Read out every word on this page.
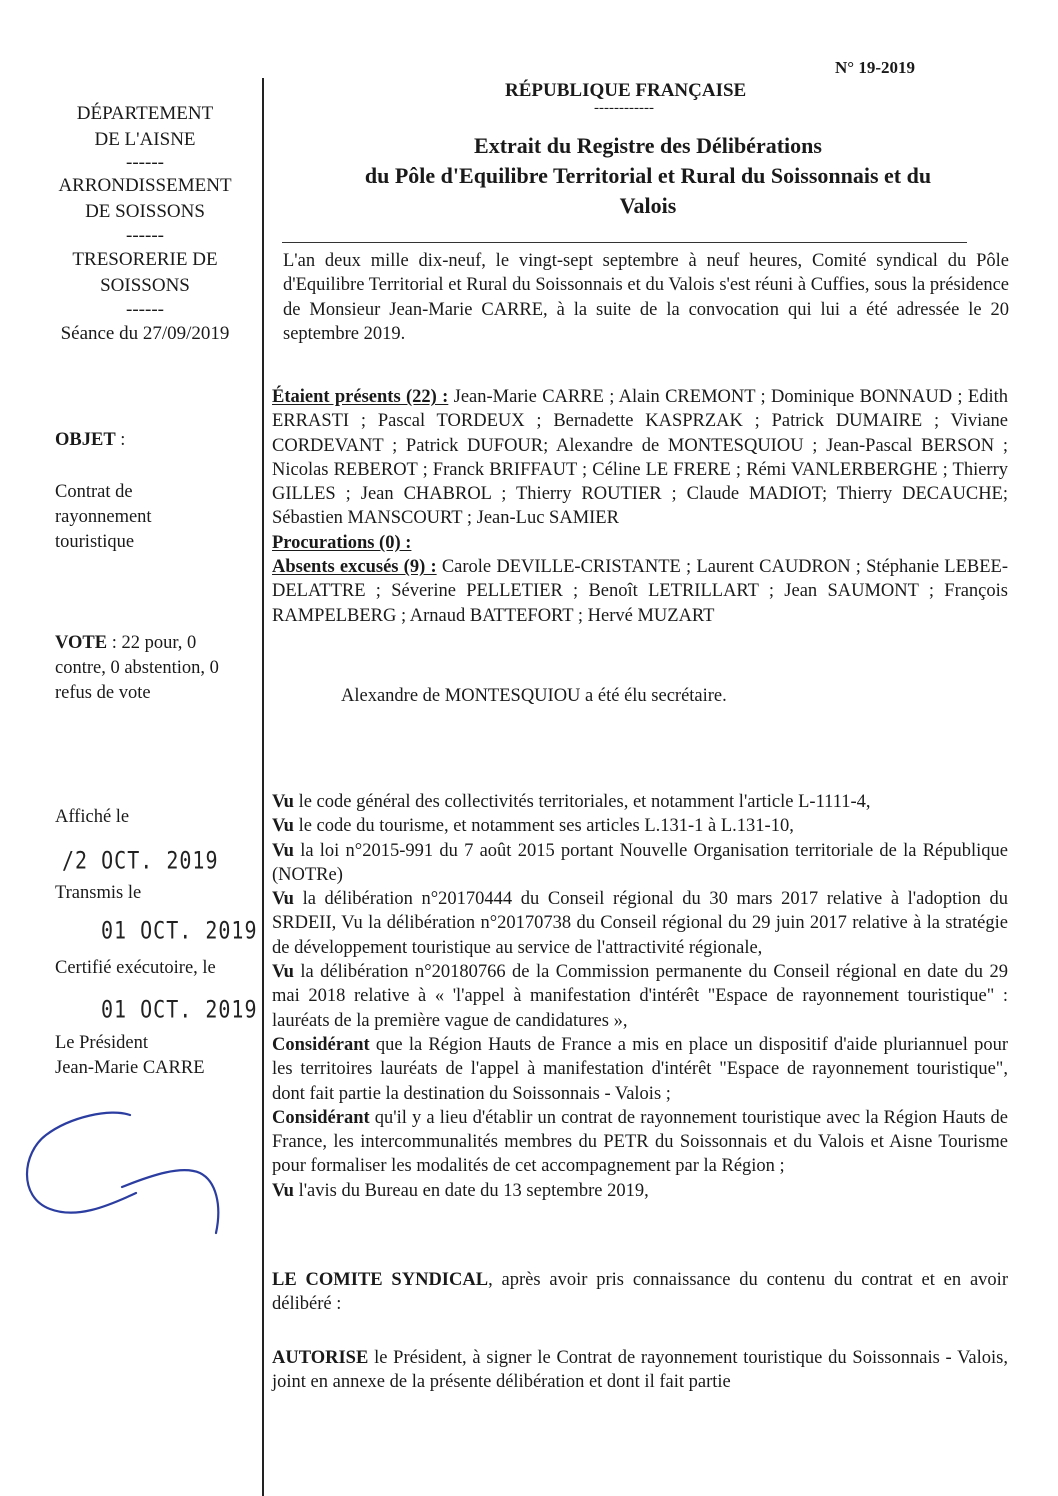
N° 19-2019
DÉPARTEMENT
DE L'AISNE
------
ARRONDISSEMENT
DE SOISSONS
------
TRESORERIE DE
SOISSONS
------
Séance du 27/09/2019
OBJET :
Contrat de
rayonnement
touristique
VOTE : 22 pour, 0
contre, 0 abstention, 0
refus de vote
Affiché le
/2 OCT. 2019
Transmis le
01 OCT. 2019
Certifié exécutoire, le
01 OCT. 2019
Le Président
Jean-Marie CARRE
RÉPUBLIQUE FRANÇAISE
------------
Extrait du Registre des Délibérations
du Pôle d'Equilibre Territorial et Rural du Soissonnais et du
Valois
L'an deux mille dix-neuf, le vingt-sept septembre à neuf heures, Comité syndical du Pôle d'Equilibre Territorial et Rural du Soissonnais et du Valois s'est réuni à Cuffies, sous la présidence de Monsieur Jean-Marie CARRE, à la suite de la convocation qui lui a été adressée le 20 septembre 2019.

Étaient présents (22) : Jean-Marie CARRE ; Alain CREMONT ; Dominique BONNAUD ; Edith ERRASTI ; Pascal TORDEUX ; Bernadette KASPRZAK ; Patrick DUMAIRE ; Viviane CORDEVANT ; Patrick DUFOUR; Alexandre de MONTESQUIOU ; Jean-Pascal BERSON ; Nicolas REBEROT ; Franck BRIFFAUT ; Céline LE FRERE ; Rémi VANLERBERGHE ; Thierry GILLES ; Jean CHABROL ; Thierry ROUTIER ; Claude MADIOT; Thierry DECAUCHE; Sébastien MANSCOURT ; Jean-Luc SAMIER

Procurations (0) :

Absents excusés (9) : Carole DEVILLE-CRISTANTE ; Laurent CAUDRON ; Stéphanie LEBEE-DELATTRE ; Séverine PELLETIER ; Benoît LETRILLART ; Jean SAUMONT ; François RAMPELBERG ; Arnaud BATTEFORT ; Hervé MUZART

Alexandre de MONTESQUIOU a été élu secrétaire.

Vu le code général des collectivités territoriales, et notamment l'article L-1111-4,

Vu le code du tourisme, et notamment ses articles L.131-1 à L.131-10,

Vu la loi n°2015-991 du 7 août 2015 portant Nouvelle Organisation territoriale de la République (NOTRe)

Vu la délibération n°20170444 du Conseil régional du 30 mars 2017 relative à l'adoption du SRDEII, Vu la délibération n°20170738 du Conseil régional du 29 juin 2017 relative à la stratégie de développement touristique au service de l'attractivité régionale,

Vu la délibération n°20180766 de la Commission permanente du Conseil régional en date du 29 mai 2018 relative à « 'l'appel à manifestation d'intérêt "Espace de rayonnement touristique" : lauréats de la première vague de candidatures »,

Considérant que la Région Hauts de France a mis en place un dispositif d'aide pluriannuel pour les territoires lauréats de l'appel à manifestation d'intérêt "Espace de rayonnement touristique", dont fait partie la destination du Soissonnais - Valois ;

Considérant qu'il y a lieu d'établir un contrat de rayonnement touristique avec la Région Hauts de France, les intercommunalités membres du PETR du Soissonnais et du Valois et Aisne Tourisme pour formaliser les modalités de cet accompagnement par la Région ;

Vu l'avis du Bureau en date du 13 septembre 2019,

LE COMITE SYNDICAL, après avoir pris connaissance du contenu du contrat et en avoir délibéré :
AUTORISE le Président, à signer le Contrat de rayonnement touristique du Soissonnais - Valois, joint en annexe de la présente délibération et dont il fait partie
